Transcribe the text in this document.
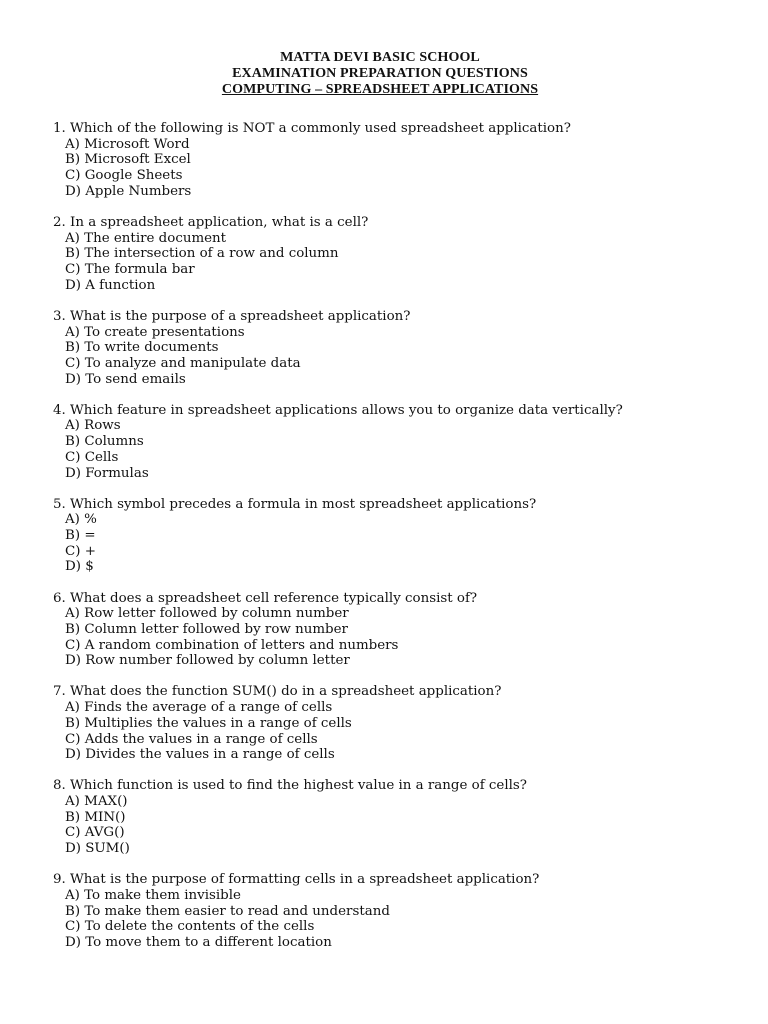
MATTA DEVI BASIC SCHOOL
EXAMINATION PREPARATION QUESTIONS
COMPUTING – SPREADSHEET APPLICATIONS
1. Which of the following is NOT a commonly used spreadsheet application?
A) Microsoft Word
B) Microsoft Excel
C) Google Sheets
D) Apple Numbers
2. In a spreadsheet application, what is a cell?
A) The entire document
B) The intersection of a row and column
C) The formula bar
D) A function
3. What is the purpose of a spreadsheet application?
A) To create presentations
B) To write documents
C) To analyze and manipulate data
D) To send emails
4. Which feature in spreadsheet applications allows you to organize data vertically?
A) Rows
B) Columns
C) Cells
D) Formulas
5. Which symbol precedes a formula in most spreadsheet applications?
A) %
B) =
C) +
D) $
6. What does a spreadsheet cell reference typically consist of?
A) Row letter followed by column number
B) Column letter followed by row number
C) A random combination of letters and numbers
D) Row number followed by column letter
7. What does the function SUM() do in a spreadsheet application?
A) Finds the average of a range of cells
B) Multiplies the values in a range of cells
C) Adds the values in a range of cells
D) Divides the values in a range of cells
8. Which function is used to find the highest value in a range of cells?
A) MAX()
B) MIN()
C) AVG()
D) SUM()
9. What is the purpose of formatting cells in a spreadsheet application?
A) To make them invisible
B) To make them easier to read and understand
C) To delete the contents of the cells
D) To move them to a different location
